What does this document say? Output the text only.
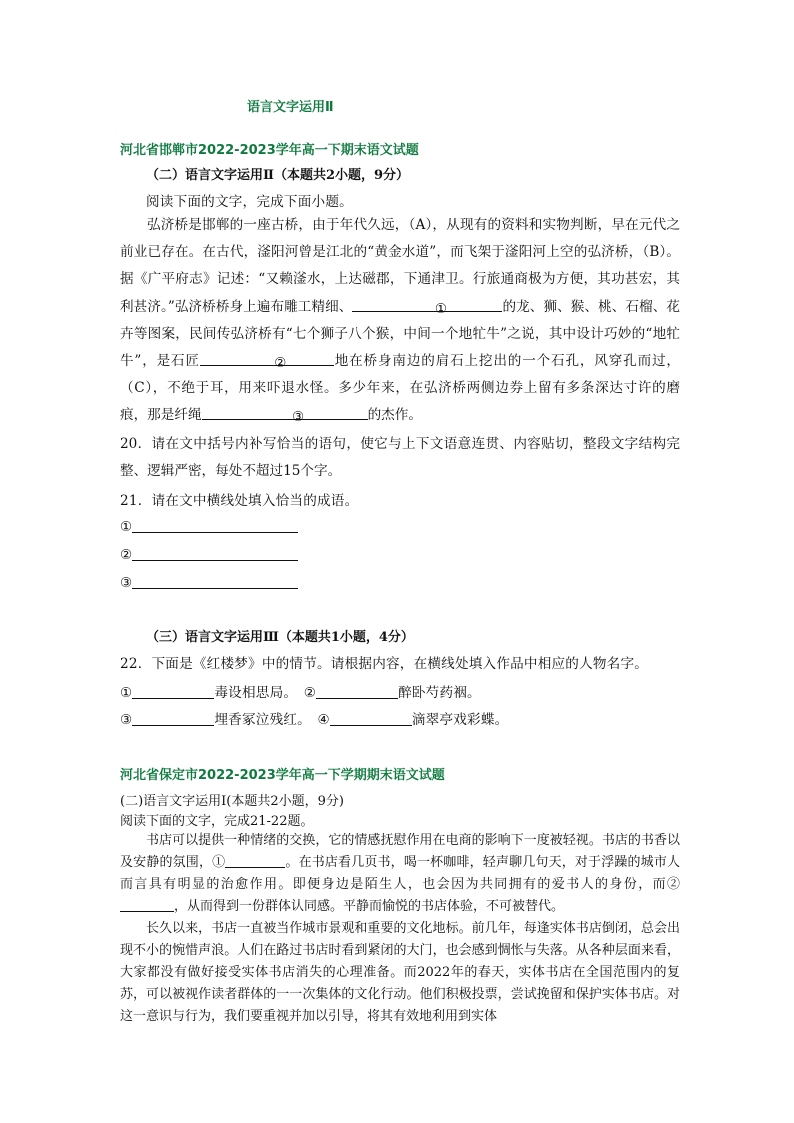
语言文字运用Ⅱ
河北省邯郸市2022-2023学年高一下期末语文试题
（二）语言文字运用Ⅱ（本题共2小题，9分）
阅读下面的文字，完成下面小题。
弘济桥是邯郸的一座古桥，由于年代久远，（A），从现有的资料和实物判断，早在元代之前业已存在。在古代，滏阳河曾是江北的“黄金水道”，而飞架于滏阳河上空的弘济桥，（B）。据《广平府志》记述：“又赖滏水，上达磁郡，下通津卫。行旅通商极为方便，其功甚宏，其利甚济。”弘济桥桥身上遍布雕工精细、	①	的龙、狮、猴、桃、石榴、花卉等图案，民间传弘济桥有“七个狮子八个猴，中间一个地牤牛”之说，其中设计巧妙的“地牤牛”，是石匠	②	地在桥身南边的肩石上挖出的一个石孔，风穿孔而过，（C），不绝于耳，用来吓退水怪。多少年来，在弘济桥两侧边券上留有多条深达寸许的磨痕，那是纤绳	③	的杰作。
20．请在文中括号内补写恰当的语句，使它与上下文语意连贯、内容贴切，整段文字结构完整、逻辑严密，每处不超过15个字。
21．请在文中横线处填入恰当的成语。
①
②
③
（三）语言文字运用Ⅲ（本题共1小题，4分）
22．下面是《红楼梦》中的情节。请根据内容，在横线处填入作品中相应的人物名字。
①	毒设相思局。 ②	醉卧芍药裀。
③	埋香冢泣残红。 ④	滴翠亭戏彩蝶。
河北省保定市2022-2023学年高一下学期期末语文试题
(二)语言文字运用Ⅰ(本题共2小题，9分)
阅读下面的文字，完成21-22题。
书店可以提供一种情绪的交换，它的情感抚慰作用在电商的影响下一度被轻视。书店的书香以及安静的氛围，①	。在书店看几页书，喝一杯咖啡，轻声聊几句天，对于浮躁的城市人而言具有明显的治愈作用。即便身边是陌生人，也会因为共同拥有的爱书人的身份，而②，从而得到一份群体认同感。平静而愉悦的书店体验，不可被替代。
长久以来，书店一直被当作城市景观和重要的文化地标。前几年，每逢实体书店倒闭，总会出现不小的惋惜声浪。人们在路过书店时看到紧闭的大门，也会感到惆怅与失落。从各种层面来看，大家都没有做好接受实体书店消失的心理准备。而2022年的春天，实体书店在全国范围内的复苏，可以被视作读者群体的一一次集体的文化行动。他们积极投票，尝试挽留和保护实体书店。对这一意识与行为，我们要重视并加以引导，将其有效地利用到实体
